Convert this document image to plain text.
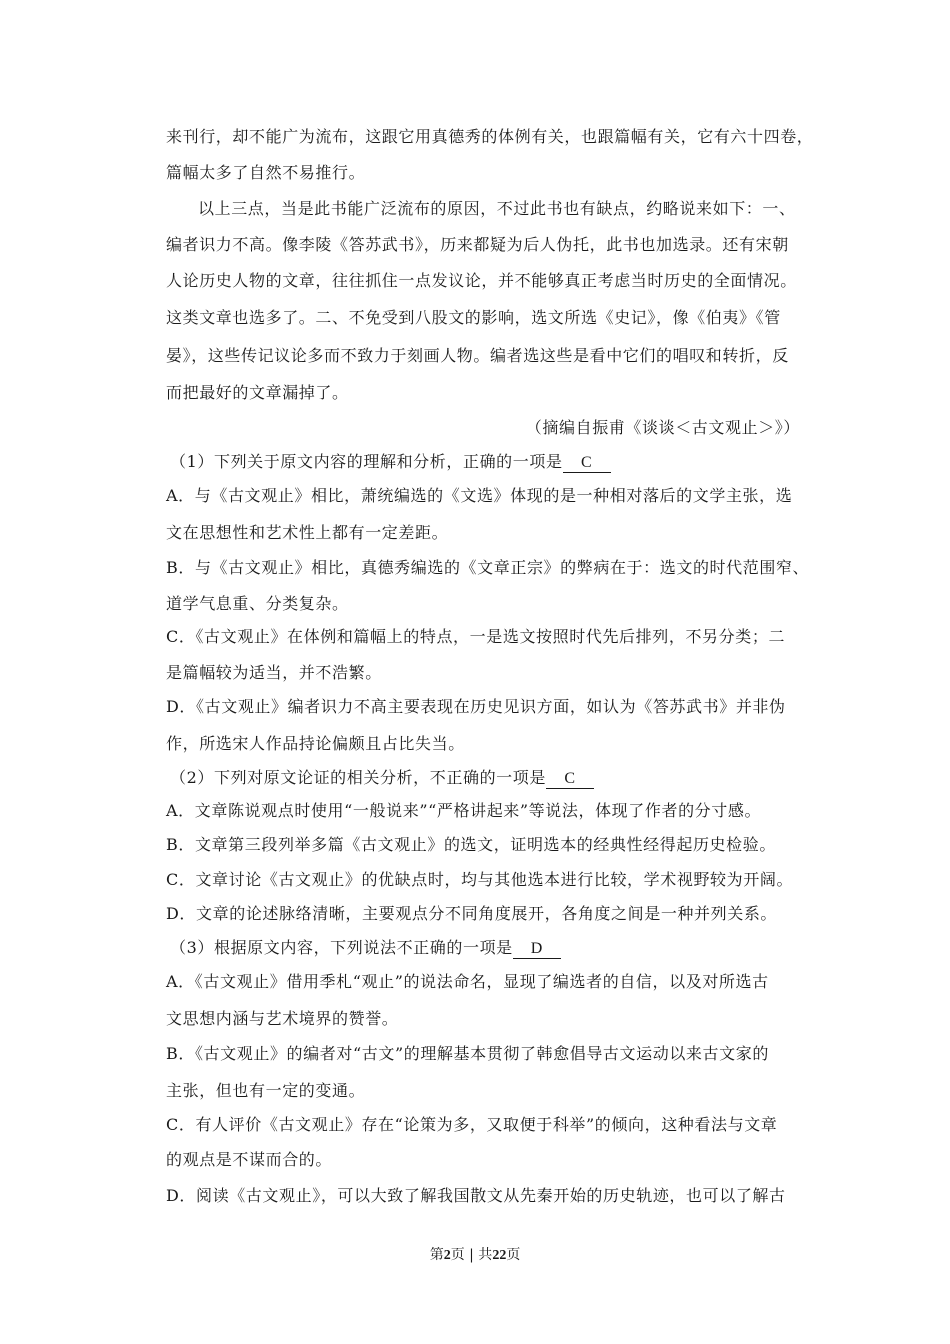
来刊行，却不能广为流布，这跟它用真德秀的体例有关，也跟篇幅有关，它有六十四卷，
篇幅太多了自然不易推行。
以上三点，当是此书能广泛流布的原因，不过此书也有缺点，约略说来如下：一、
编者识力不高。像李陵《答苏武书》，历来都疑为后人伪托，此书也加选录。还有宋朝
人论历史人物的文章，往往抓住一点发议论，并不能够真正考虑当时历史的全面情况。
这类文章也选多了。二、不免受到八股文的影响，选文所选《史记》，像《伯夷》《管
晏》，这些传记议论多而不致力于刻画人物。编者选这些是看中它们的唱叹和转折，反
而把最好的文章漏掉了。
（摘编自振甫《谈谈＜古文观止＞》）
（1）下列关于原文内容的理解和分析，正确的一项是 C
A．与《古文观止》相比，萧统编选的《文选》体现的是一种相对落后的文学主张，选
文在思想性和艺术性上都有一定差距。
B．与《古文观止》相比，真德秀编选的《文章正宗》的弊病在于：选文的时代范围窄、
道学气息重、分类复杂。
C．《古文观止》在体例和篇幅上的特点，一是选文按照时代先后排列，不另分类；二
是篇幅较为适当，并不浩繁。
D．《古文观止》编者识力不高主要表现在历史见识方面，如认为《答苏武书》并非伪
作，所选宋人作品持论偏颇且占比失当。
（2）下列对原文论证的相关分析，不正确的一项是 C
A．文章陈说观点时使用“一般说来”“严格讲起来”等说法，体现了作者的分寸感。
B．文章第三段列举多篇《古文观止》的选文，证明选本的经典性经得起历史检验。
C．文章讨论《古文观止》的优缺点时，均与其他选本进行比较，学术视野较为开阔。
D．文章的论述脉络清晰，主要观点分不同角度展开，各角度之间是一种并列关系。
（3）根据原文内容，下列说法不正确的一项是 D
A．《古文观止》借用季札“观止”的说法命名，显现了编选者的自信，以及对所选古
文思想内涵与艺术境界的赞誉。
B．《古文观止》的编者对“古文”的理解基本贯彻了韩愈倡导古文运动以来古文家的
主张，但也有一定的变通。
C．有人评价《古文观止》存在“论策为多，又取便于科举”的倾向，这种看法与文章
的观点是不谋而合的。
D．阅读《古文观止》，可以大致了解我国散文从先秦开始的历史轨迹，也可以了解古
第2页 | 共22页
